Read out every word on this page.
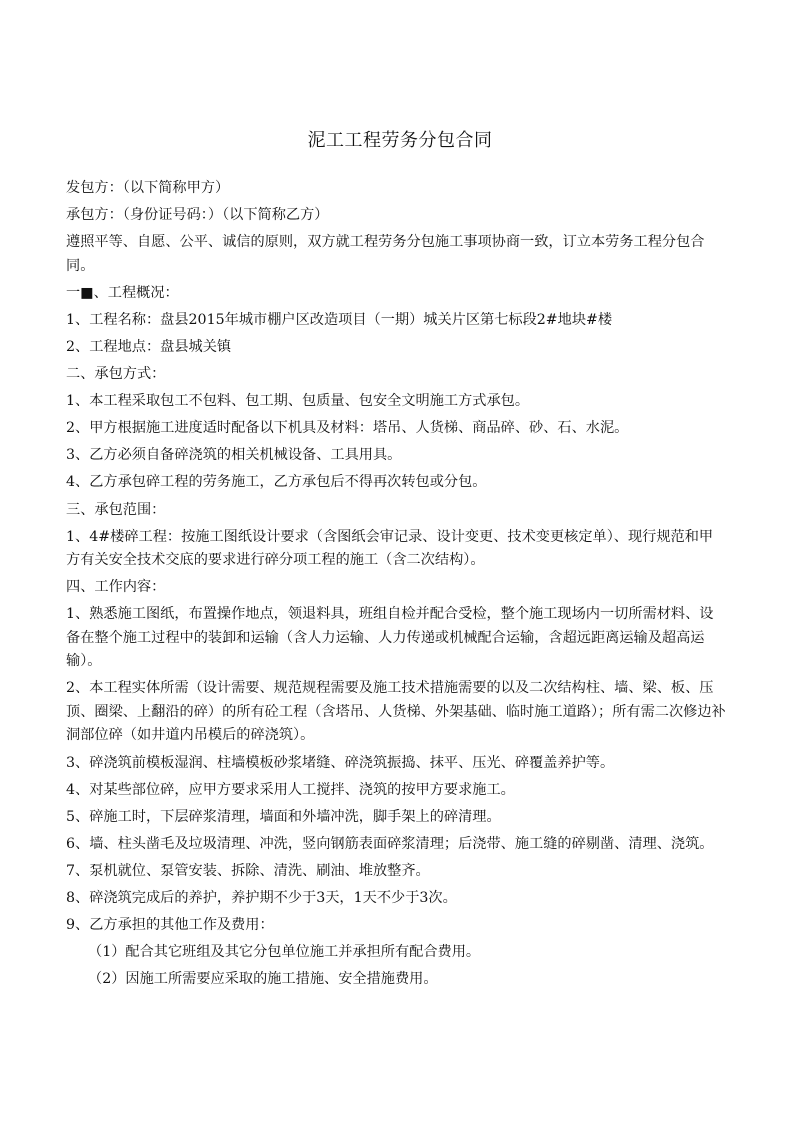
泥工工程劳务分包合同

发包方：（以下简称甲方）

承包方：（身份证号码：）（以下简称乙方）

遵照平等、自愿、公平、诚信的原则，双方就工程劳务分包施工事项协商一致，订立本劳务工程分包合同。

一■、工程概况：

1、工程名称：盘县2015年城市棚户区改造项目（一期）城关片区第七标段2#地块#楼

2、工程地点：盘县城关镇

二、承包方式：

1、本工程采取包工不包料、包工期、包质量、包安全文明施工方式承包。

2、甲方根据施工进度适时配备以下机具及材料：塔吊、人货梯、商品碎、砂、石、水泥。

3、乙方必须自备碎浇筑的相关机械设备、工具用具。

4、乙方承包碎工程的劳务施工，乙方承包后不得再次转包或分包。

三、承包范围：

1、4#楼碎工程：按施工图纸设计要求（含图纸会审记录、设计变更、技术变更核定单）、现行规范和甲方有关安全技术交底的要求进行碎分项工程的施工（含二次结构）。

四、工作内容：

1、熟悉施工图纸，布置操作地点，领退料具，班组自检并配合受检，整个施工现场内一切所需材料、设备在整个施工过程中的装卸和运输（含人力运输、人力传递或机械配合运输，含超远距离运输及超高运输）。

2、本工程实体所需（设计需要、规范规程需要及施工技术措施需要的以及二次结构柱、墙、梁、板、压顶、圈梁、上翻沿的碎）的所有砼工程（含塔吊、人货梯、外架基础、临时施工道路）；所有需二次修边补洞部位碎（如井道内吊模后的碎浇筑）。

3、碎浇筑前模板湿润、柱墙模板砂浆堵缝、碎浇筑振捣、抹平、压光、碎覆盖养护等。

4、对某些部位碎，应甲方要求采用人工搅拌、浇筑的按甲方要求施工。

5、碎施工时，下层碎浆清理，墙面和外墙冲洗，脚手架上的碎清理。

6、墙、柱头凿毛及垃圾清理、冲洗，竖向钢筋表面碎浆清理；后浇带、施工缝的碎剔凿、清理、浇筑。

7、泵机就位、泵管安装、拆除、清洗、刷油、堆放整齐。

8、碎浇筑完成后的养护，养护期不少于3天，1天不少于3次。

9、乙方承担的其他工作及费用：

（1）配合其它班组及其它分包单位施工并承担所有配合费用。

（2）因施工所需要应采取的施工措施、安全措施费用。
